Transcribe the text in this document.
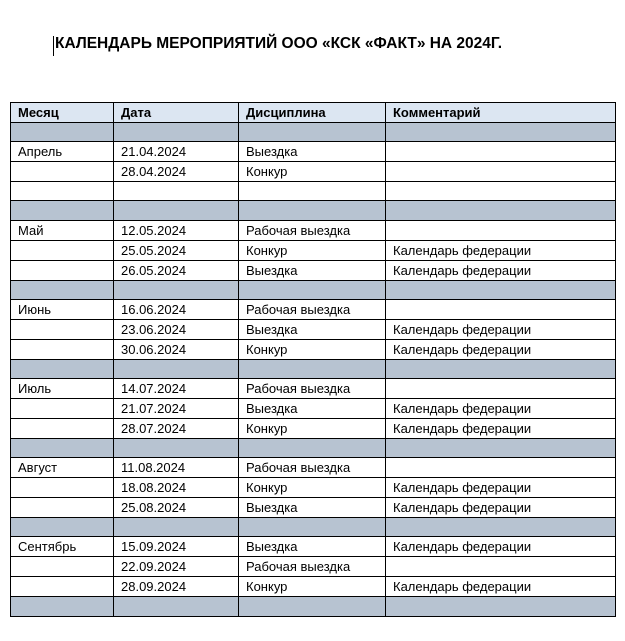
КАЛЕНДАРЬ МЕРОПРИЯТИЙ ООО «КСК «ФАКТ» НА 2024Г.
Месяц	Дата	Дисциплина	Комментарий

Апрель	21.04.2024	Выездка	
	28.04.2024	Конкур	

Май	12.05.2024	Рабочая выездка	
	25.05.2024	Конкур	Календарь федерации
	26.05.2024	Выездка	Календарь федерации

Июнь	16.06.2024	Рабочая выездка	
	23.06.2024	Выездка	Календарь федерации
	30.06.2024	Конкур	Календарь федерации

Июль	14.07.2024	Рабочая выездка	
	21.07.2024	Выездка	Календарь федерации
	28.07.2024	Конкур	Календарь федерации

Август	11.08.2024	Рабочая выездка	
	18.08.2024	Конкур	Календарь федерации
	25.08.2024	Выездка	Календарь федерации

Сентябрь	15.09.2024	Выездка	Календарь федерации
	22.09.2024	Рабочая выездка	
	28.09.2024	Конкур	Календарь федерации
